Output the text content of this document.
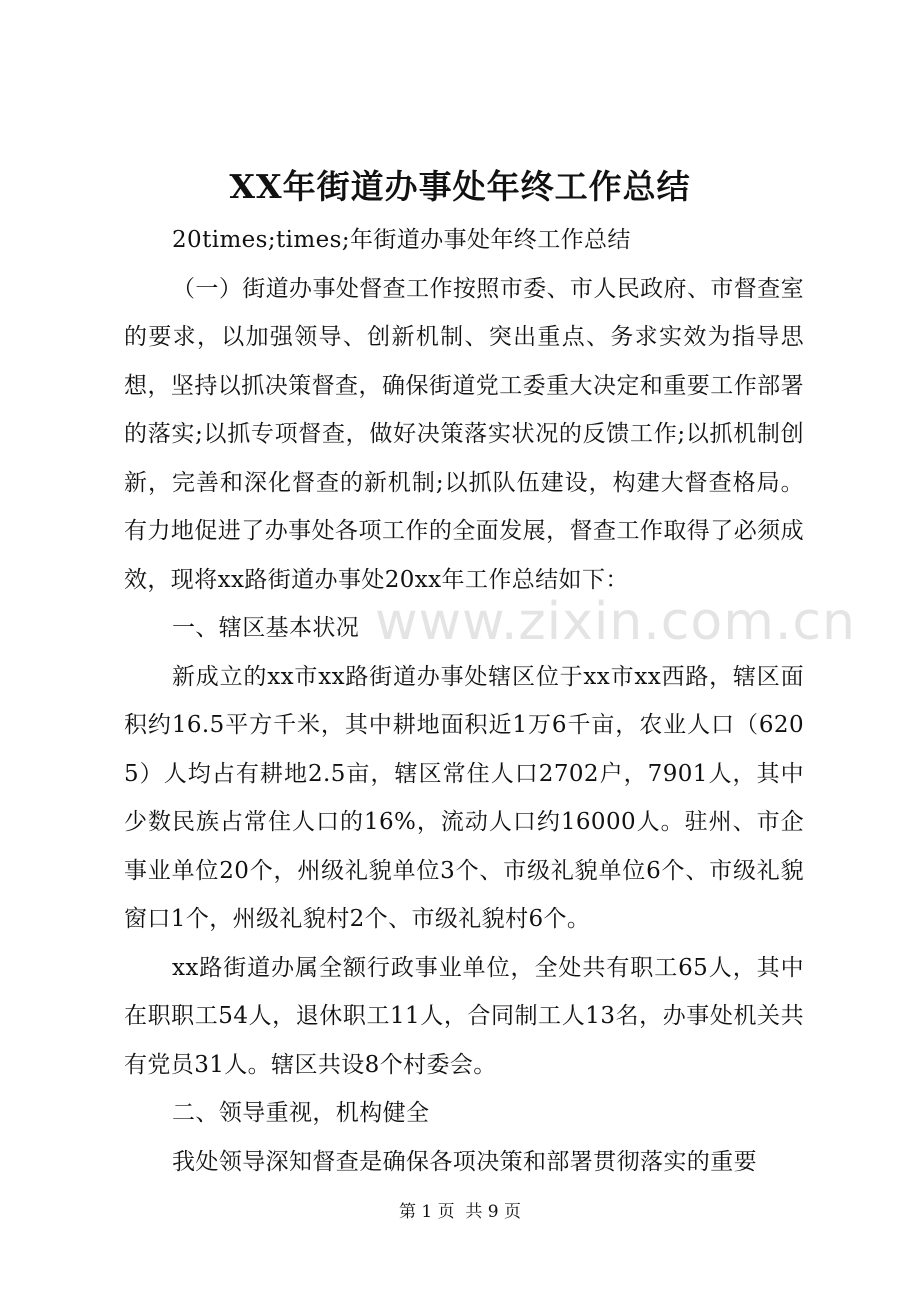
www.zixin.com.cn
XX年街道办事处年终工作总结

20times;times;年街道办事处年终工作总结

（一）街道办事处督查工作按照市委、市人民政府、市督查室的要求，以加强领导、创新机制、突出重点、务求实效为指导思想，坚持以抓决策督查，确保街道党工委重大决定和重要工作部署的落实;以抓专项督查，做好决策落实状况的反馈工作;以抓机制创新，完善和深化督查的新机制;以抓队伍建设，构建大督查格局。有力地促进了办事处各项工作的全面发展，督查工作取得了必须成效，现将xx路街道办事处20xx年工作总结如下：

一、辖区基本状况

新成立的xx市xx路街道办事处辖区位于xx市xx西路，辖区面积约16.5平方千米，其中耕地面积近1万6千亩，农业人口（6205）人均占有耕地2.5亩，辖区常住人口2702户，7901人，其中少数民族占常住人口的16%，流动人口约16000人。驻州、市企事业单位20个，州级礼貌单位3个、市级礼貌单位6个、市级礼貌窗口1个，州级礼貌村2个、市级礼貌村6个。

xx路街道办属全额行政事业单位，全处共有职工65人，其中在职职工54人，退休职工11人，合同制工人13名，办事处机关共有党员31人。辖区共设8个村委会。

二、领导重视，机构健全

我处领导深知督查是确保各项决策和部署贯彻落实的重要

第 1 页 共 9 页
